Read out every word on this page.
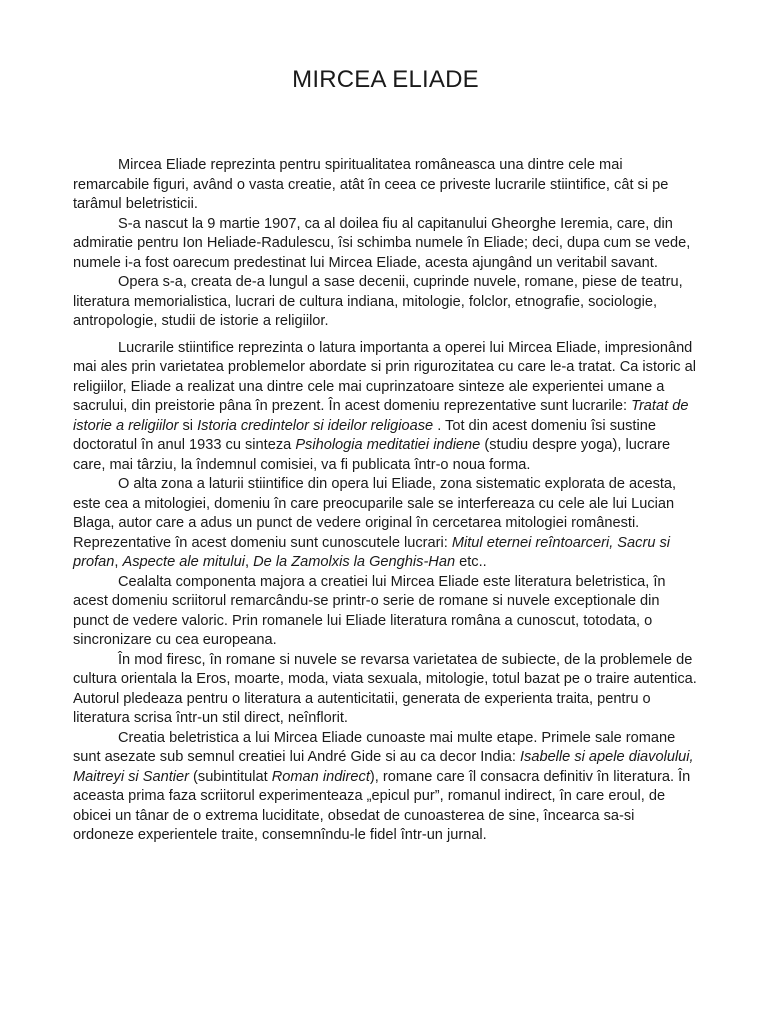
MIRCEA ELIADE

Mircea Eliade reprezinta pentru spiritualitatea româneasca una dintre cele mai remarcabile figuri, având o vasta creatie, atât în ceea ce priveste lucrarile stiintifice, cât si pe tarâmul beletristicii.

S-a nascut la 9 martie 1907, ca al doilea fiu al capitanului Gheorghe Ieremia, care, din admiratie pentru Ion Heliade-Radulescu, îsi schimba numele în Eliade; deci, dupa cum se vede, numele i-a fost oarecum predestinat lui Mircea Eliade, acesta ajungând un veritabil savant.

Opera s-a, creata de-a lungul a sase decenii, cuprinde nuvele, romane, piese de teatru, literatura memorialistica, lucrari de cultura indiana, mitologie, folclor, etnografie, sociologie, antropologie, studii de istorie a religiilor.

Lucrarile stiintifice reprezinta o latura importanta a operei lui Mircea Eliade, impresionând mai ales prin varietatea problemelor abordate si prin rigurozitatea cu care le-a tratat. Ca istoric al religiilor, Eliade a realizat una dintre cele mai cuprinzatoare sinteze ale experientei umane a sacrului, din preistorie pâna în prezent. În acest domeniu reprezentative sunt lucrarile: Tratat de istorie a religiilor si Istoria credintelor si ideilor religioase . Tot din acest domeniu îsi sustine doctoratul în anul 1933 cu sinteza Psihologia meditatiei indiene (studiu despre yoga), lucrare care, mai târziu, la îndemnul comisiei, va fi publicata într-o noua forma.

O alta zona a laturii stiintifice din opera lui Eliade, zona sistematic explorata de acesta, este cea a mitologiei, domeniu în care preocuparile sale se interfereaza cu cele ale lui Lucian Blaga, autor care a adus un punct de vedere original în cercetarea mitologiei românesti. Reprezentative în acest domeniu sunt cunoscutele lucrari: Mitul eternei reîntoarceri, Sacru si profan, Aspecte ale mitului, De la Zamolxis la Genghis-Han etc..

Cealalta componenta majora a creatiei lui Mircea Eliade este literatura beletristica, în acest domeniu scriitorul remarcându-se printr-o serie de romane si nuvele exceptionale din punct de vedere valoric. Prin romanele lui Eliade literatura româna a cunoscut, totodata, o sincronizare cu cea europeana.

În mod firesc, în romane si nuvele se revarsa varietatea de subiecte, de la problemele de cultura orientala la Eros, moarte, moda, viata sexuala, mitologie, totul bazat pe o traire autentica. Autorul pledeaza pentru o literatura a autenticitatii, generata de experienta traita, pentru o literatura scrisa într-un stil direct, neînflorit.

Creatia beletristica a lui Mircea Eliade cunoaste mai multe etape. Primele sale romane sunt asezate sub semnul creatiei lui André Gide si au ca decor India: Isabelle si apele diavolului, Maitreyi si Santier (subintitulat Roman indirect), romane care îl consacra definitiv în literatura. În aceasta prima faza scriitorul experimenteaza „epicul pur”, romanul indirect, în care eroul, de obicei un tânar de o extrema luciditate, obsedat de cunoasterea de sine, încearca sa-si ordoneze experientele traite, consemnîndu-le fidel într-un jurnal.
